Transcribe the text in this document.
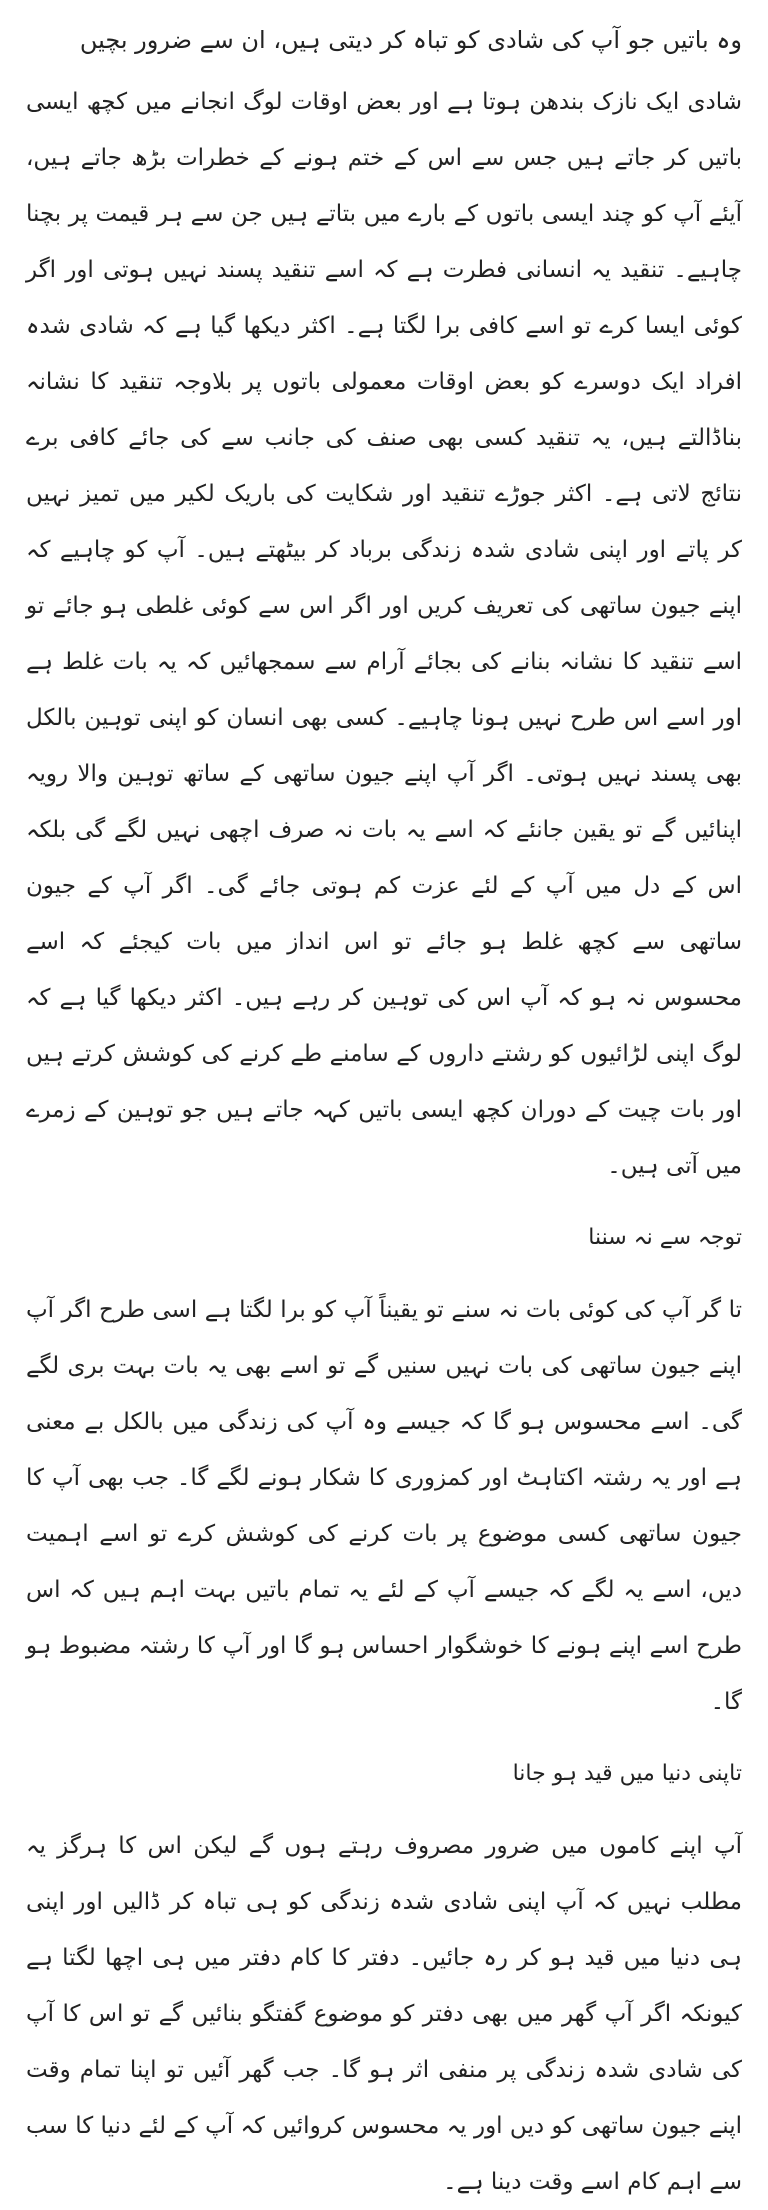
وہ باتیں جو آپ کی شادی کو تباہ کر دیتی ہیں، ان سے ضرور بچیں

شادی ایک نازک بندھن ہوتا ہے اور بعض اوقات لوگ انجانے میں کچھ ایسی باتیں کر جاتے ہیں جس سے اس کے ختم ہونے کے خطرات بڑھ جاتے ہیں، آیئے آپ کو چند ایسی باتوں کے بارے میں بتاتے ہیں جن سے ہر قیمت پر بچنا چاہیے۔ تنقید یہ انسانی فطرت ہے کہ اسے تنقید پسند نہیں ہوتی اور اگر کوئی ایسا کرے تو اسے کافی برا لگتا ہے۔ اکثر دیکھا گیا ہے کہ شادی شدہ افراد ایک دوسرے کو بعض اوقات معمولی باتوں پر بلاوجہ تنقید کا نشانہ بناڈالتے ہیں، یہ تنقید کسی بھی صنف کی جانب سے کی جائے کافی برے نتائج لاتی ہے۔ اکثر جوڑے تنقید اور شکایت کی باریک لکیر میں تمیز نہیں کر پاتے اور اپنی شادی شدہ زندگی برباد کر بیٹھتے ہیں۔ آپ کو چاہیے کہ اپنے جیون ساتھی کی تعریف کریں اور اگر اس سے کوئی غلطی ہو جائے تو اسے تنقید کا نشانہ بنانے کی بجائے آرام سے سمجھائیں کہ یہ بات غلط ہے اور اسے اس طرح نہیں ہونا چاہیے۔ کسی بھی انسان کو اپنی توہین بالکل بھی پسند نہیں ہوتی۔ اگر آپ اپنے جیون ساتھی کے ساتھ توہین والا رویہ اپنائیں گے تو یقین جانئے کہ اسے یہ بات نہ صرف اچھی نہیں لگے گی بلکہ اس کے دل میں آپ کے لئے عزت کم ہوتی جائے گی۔ اگر آپ کے جیون ساتھی سے کچھ غلط ہو جائے تو اس انداز میں بات کیجئے کہ اسے محسوس نہ ہو کہ آپ اس کی توہین کر رہے ہیں۔ اکثر دیکھا گیا ہے کہ لوگ اپنی لڑائیوں کو رشتے داروں کے سامنے طے کرنے کی کوشش کرتے ہیں اور بات چیت کے دوران کچھ ایسی باتیں کہہ جاتے ہیں جو توہین کے زمرے میں آتی ہیں۔

توجہ سے نہ سننا

تا گر آپ کی کوئی بات نہ سنے تو یقیناً آپ کو برا لگتا ہے اسی طرح اگر آپ اپنے جیون ساتھی کی بات نہیں سنیں گے تو اسے بھی یہ بات بہت بری لگے گی۔ اسے محسوس ہو گا کہ جیسے وہ آپ کی زندگی میں بالکل بے معنی ہے اور یہ رشتہ اکتاہٹ اور کمزوری کا شکار ہونے لگے گا۔ جب بھی آپ کا جیون ساتھی کسی موضوع پر بات کرنے کی کوشش کرے تو اسے اہمیت دیں، اسے یہ لگے کہ جیسے آپ کے لئے یہ تمام باتیں بہت اہم ہیں کہ اس طرح اسے اپنے ہونے کا خوشگوار احساس ہو گا اور آپ کا رشتہ مضبوط ہو گا۔

تاپنی دنیا میں قید ہو جانا

آپ اپنے کاموں میں ضرور مصروف رہتے ہوں گے لیکن اس کا ہرگز یہ مطلب نہیں کہ آپ اپنی شادی شدہ زندگی کو ہی تباہ کر ڈالیں اور اپنی ہی دنیا میں قید ہو کر رہ جائیں۔ دفتر کا کام دفتر میں ہی اچھا لگتا ہے کیونکہ اگر آپ گھر میں بھی دفتر کو موضوع گفتگو بنائیں گے تو اس کا آپ کی شادی شدہ زندگی پر منفی اثر ہو گا۔ جب گھر آئیں تو اپنا تمام وقت اپنے جیون ساتھی کو دیں اور یہ محسوس کروائیں کہ آپ کے لئے دنیا کا سب سے اہم کام اسے وقت دینا ہے۔
